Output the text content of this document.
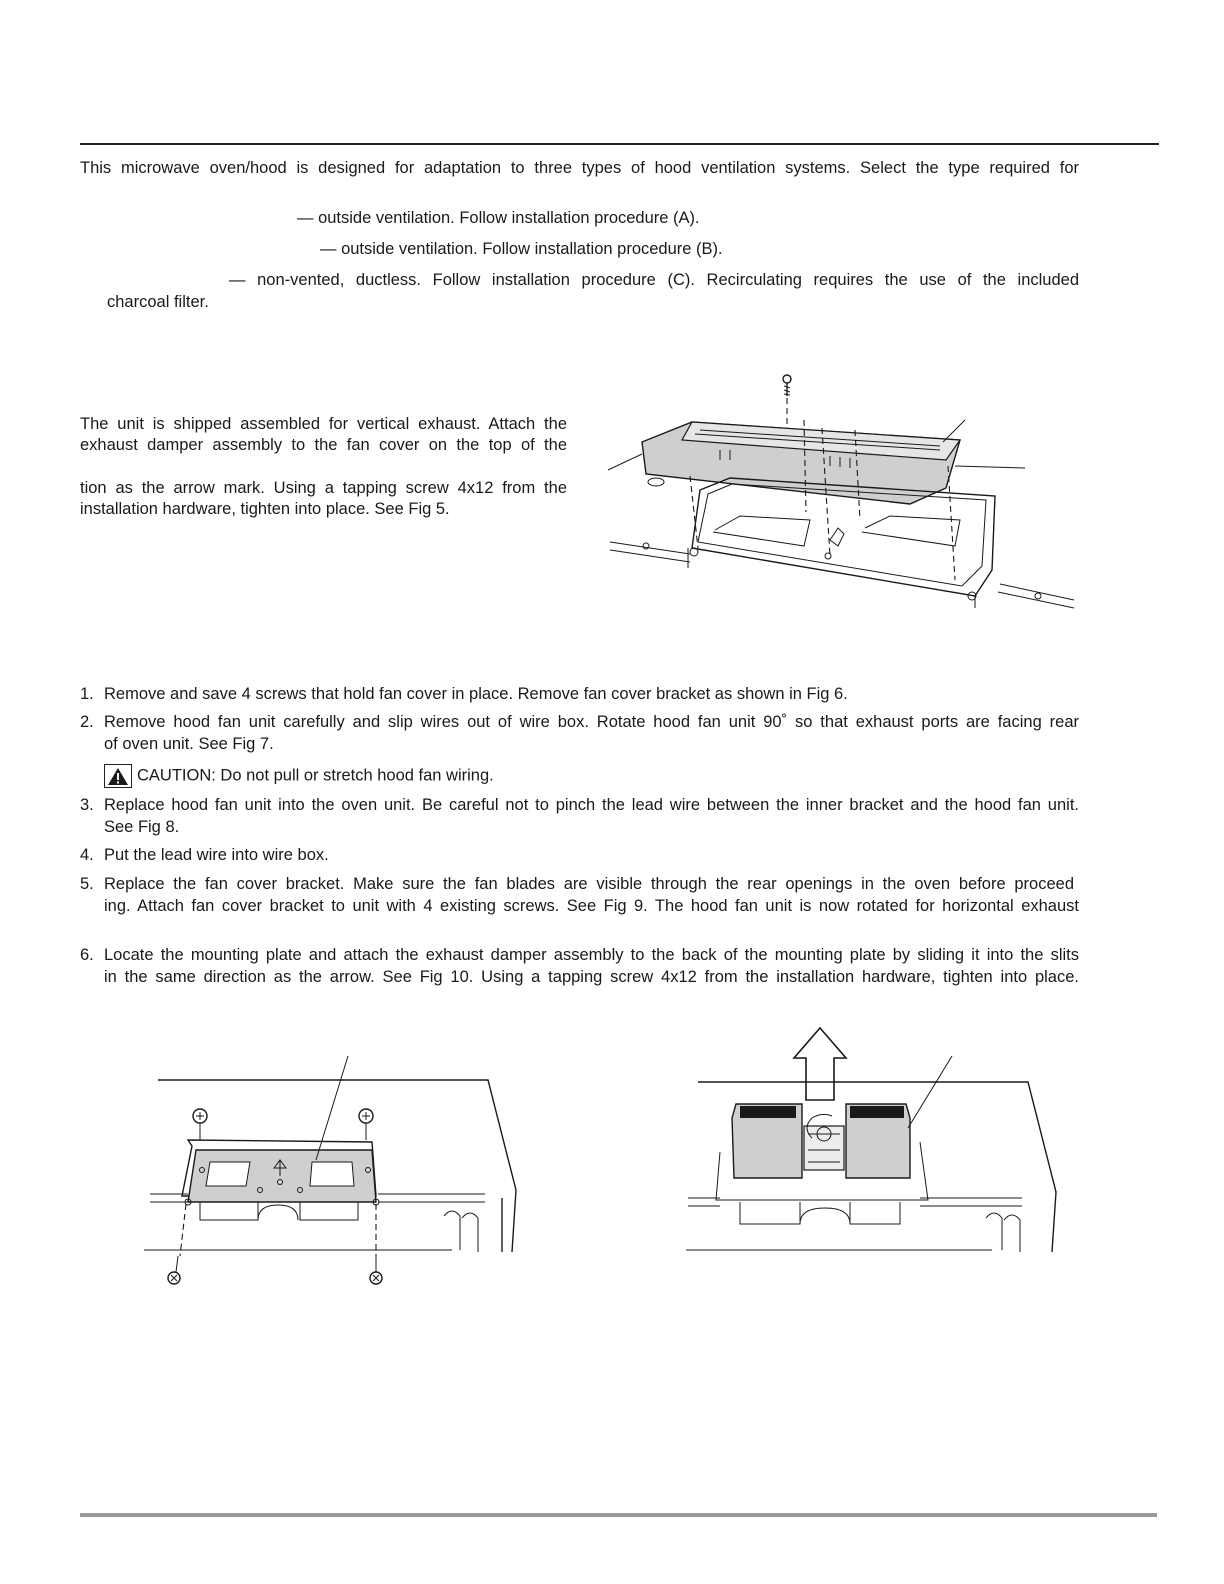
This microwave oven/hood is designed for adaptation to three types of hood ventilation systems. Select the type required for
— outside ventilation. Follow installation procedure (A).
— outside ventilation. Follow installation procedure (B).
— non-vented, ductless. Follow installation procedure (C). Recirculating requires the use of the included
charcoal filter.
The unit is shipped assembled for vertical exhaust. Attach the
exhaust damper assembly to the fan cover on the top of the
tion as the arrow mark. Using a tapping screw 4x12 from the
installation hardware, tighten into place. See Fig 5.
1. Remove and save 4 screws that hold fan cover in place. Remove fan cover bracket as shown in Fig 6.
2. Remove hood fan unit carefully and slip wires out of wire box. Rotate hood fan unit 90˚ so that exhaust ports are facing rear
of oven unit. See Fig 7.
CAUTION: Do not pull or stretch hood fan wiring.
3. Replace hood fan unit into the oven unit. Be careful not to pinch the lead wire between the inner bracket and the hood fan unit.
See Fig 8.
4. Put the lead wire into wire box.
5. Replace the fan cover bracket. Make sure the fan blades are visible through the rear openings in the oven before proceed
ing. Attach fan cover bracket to unit with 4 existing screws. See Fig 9. The hood fan unit is now rotated for horizontal exhaust
6. Locate the mounting plate and attach the exhaust damper assembly to the back of the mounting plate by sliding it into the slits
in the same direction as the arrow. See Fig 10. Using a tapping screw 4x12 from the installation hardware, tighten into place.
